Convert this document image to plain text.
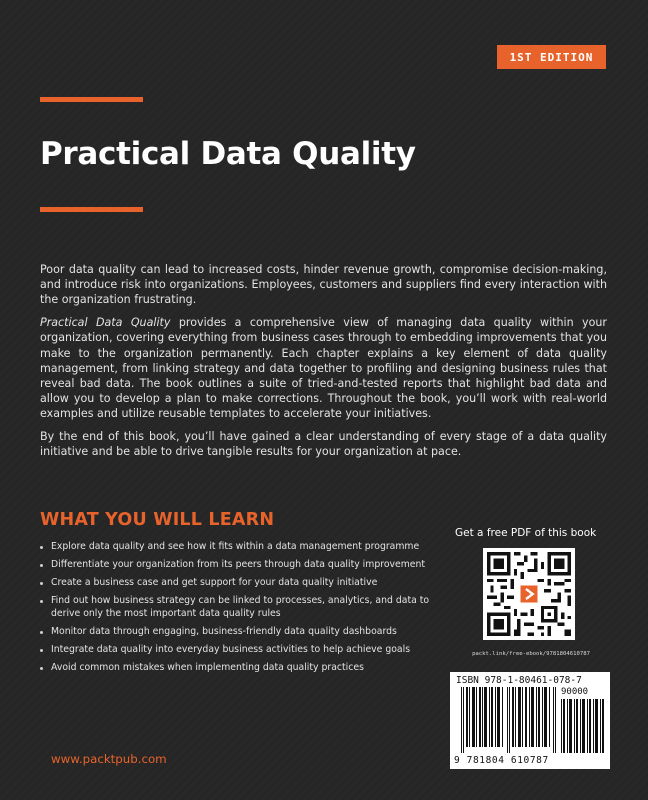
1ST EDITION
Practical Data Quality

Poor data quality can lead to increased costs, hinder revenue growth, compromise decision-making, and introduce risk into organizations. Employees, customers and suppliers find every interaction with the organization frustrating.

Practical Data Quality provides a comprehensive view of managing data quality within your organization, covering everything from business cases through to embedding improvements that you make to the organization permanently. Each chapter explains a key element of data quality management, from linking strategy and data together to profiling and designing business rules that reveal bad data. The book outlines a suite of tried-and-tested reports that highlight bad data and allow you to develop a plan to make corrections. Throughout the book, you’ll work with real-world examples and utilize reusable templates to accelerate your initiatives.

By the end of this book, you’ll have gained a clear understanding of every stage of a data quality initiative and be able to drive tangible results for your organization at pace.

WHAT YOU WILL LEARN
Explore data quality and see how it fits within a data management programme
Differentiate your organization from its peers through data quality improvement
Create a business case and get support for your data quality initiative
Find out how business strategy can be linked to processes, analytics, and data to derive only the most important data quality rules
Monitor data through engaging, business-friendly data quality dashboards
Integrate data quality into everyday business activities to help achieve goals
Avoid common mistakes when implementing data quality practices
Get a free PDF of this book
packt.link/free-ebook/9781804610787
ISBN 978-1-80461-078-7
90000
9 781804 610787
www.packtpub.com
